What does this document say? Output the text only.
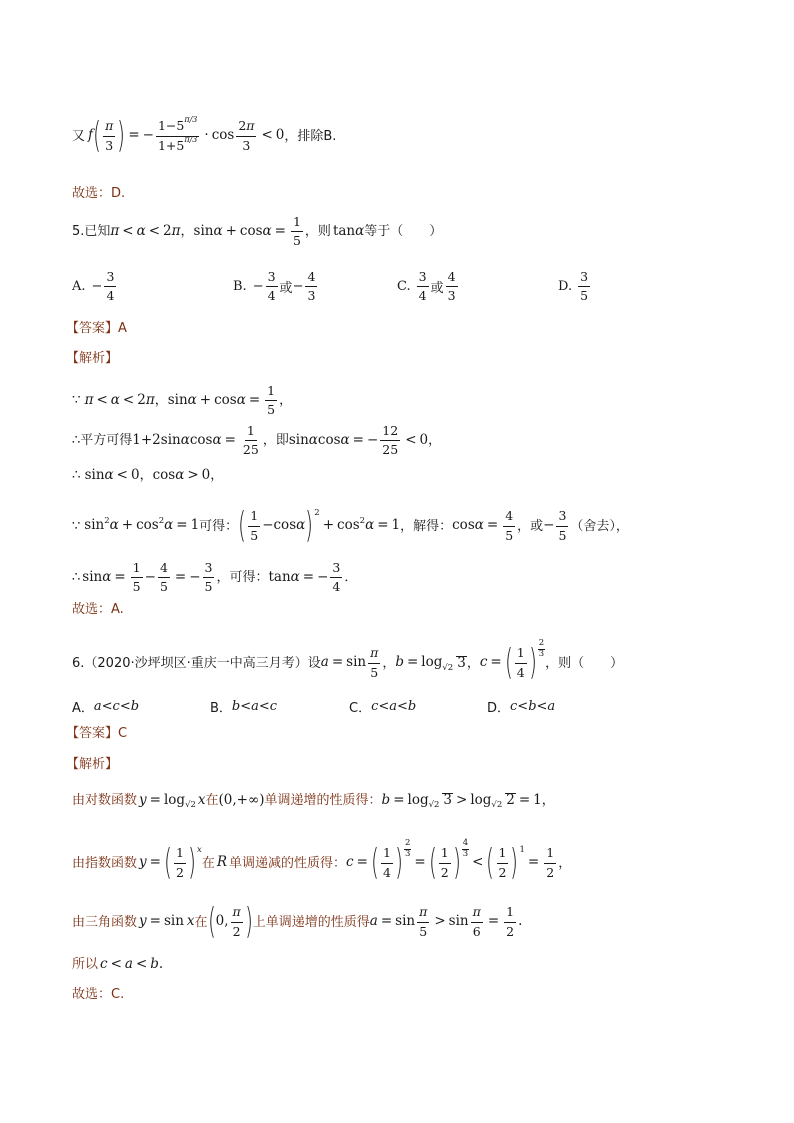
又 f ( $\frac{\pi}{3}$ ) = − $\frac{1-5^{\pi/3}}{1+5^{\pi/3}} \cdot \cos \frac{2\pi}{3} < 0$ ，排除B.
故选：D.
5.已知 π < α < 2 π ， $\sin\alpha + \cos\alpha = \frac{1}{5}$ ，则 tanα 等于（　　）
A. − $\frac{3}{4}$	B. − $\frac{3}{4}$ 或 − $\frac{4}{3}$	C. $\frac{3}{4}$ 或 $\frac{4}{3}$	D. $\frac{3}{5}$
【答案】A
【解析】
∵ π < α < 2 π ， $\sin\alpha + \cos\alpha = \frac{1}{5}$ ，
∴平方可得 $1+2\sin\alpha\cos\alpha = \frac{1}{25}$ ，即 sinαcosα = − $\frac{12}{25} < 0$ ，
∴ sinα < 0 ， cosα > 0 ，
∵ $\sin^2\alpha + \cos^2\alpha = 1$ 可得： ( $\frac{1}{5} -\cos$ α ) 2
+ $\cos^2\alpha = 1$ ，解得： $\cos\alpha = \frac{4}{5}$ ，或 − $\frac{3}{5}$ （舍去），
∴ $\sin\alpha = \frac{1}{5} - \frac{4}{5}$ = − $\frac{3}{5}$ ，可得： tanα = − $\frac{3}{4}$ ．
故选：A.
6.（2020·沙坪坝区·重庆一中高三月考）设 $a = \sin \frac{\pi}{5}$ ， b = log √2 3 ， c = ( $\frac{1}{4}$ ) 2
3
，则（　　）
A． a<c<b	B． b<a<c	C． c<a<b	D． c<b<a
【答案】C
【解析】
由对数函数 y = log √2 x 在 (0,+∞) 单调递增的性质得： b = log √2 3 > log √2 2 = 1 ，
由指数函数 y = ( $\frac{1}{2}$ ) x
在 R 单调递减的性质得： c = ( $\frac{1}{4}$ ) $\frac{2}{3}$
= ( $\frac{1}{2}$ ) 4
3
< ( $\frac{1}{2}$ ) 1
= $\frac{1}{2}$ ，
由三角函数 y = sin x 在 ( 0, $\frac{\pi}{2}$ ) 上单调递增的性质得 $a = \sin \frac{\pi}{5} > \sin \frac{\pi}{6} = \frac{1}{2}$ .
所以 c < a < b .
故选：C.
